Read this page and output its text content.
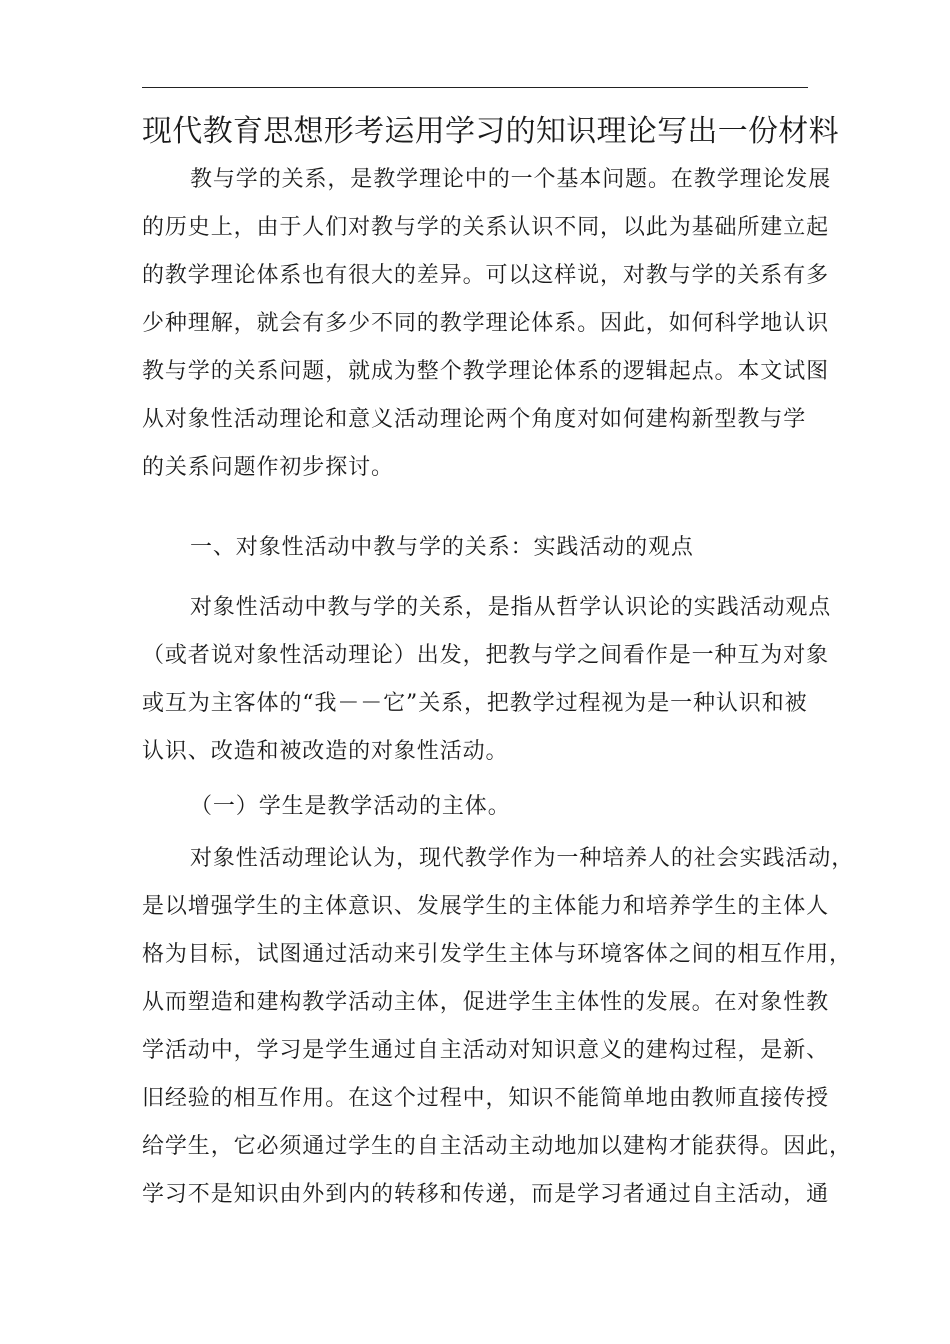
现代教育思想形考运用学习的知识理论写出一份材料
教与学的关系，是教学理论中的一个基本问题。在教学理论发展
的历史上，由于人们对教与学的关系认识不同，以此为基础所建立起
的教学理论体系也有很大的差异。可以这样说，对教与学的关系有多
少种理解，就会有多少不同的教学理论体系。因此，如何科学地认识
教与学的关系问题，就成为整个教学理论体系的逻辑起点。本文试图
从对象性活动理论和意义活动理论两个角度对如何建构新型教与学
的关系问题作初步探讨。
一、对象性活动中教与学的关系：实践活动的观点
对象性活动中教与学的关系，是指从哲学认识论的实践活动观点
（或者说对象性活动理论）出发，把教与学之间看作是一种互为对象
或互为主客体的“我－－它”关系，把教学过程视为是一种认识和被
认识、改造和被改造的对象性活动。
（一）学生是教学活动的主体。
对象性活动理论认为，现代教学作为一种培养人的社会实践活动，
是以增强学生的主体意识、发展学生的主体能力和培养学生的主体人
格为目标，试图通过活动来引发学生主体与环境客体之间的相互作用，
从而塑造和建构教学活动主体，促进学生主体性的发展。在对象性教
学活动中，学习是学生通过自主活动对知识意义的建构过程，是新、
旧经验的相互作用。在这个过程中，知识不能简单地由教师直接传授
给学生，它必须通过学生的自主活动主动地加以建构才能获得。因此，
学习不是知识由外到内的转移和传递，而是学习者通过自主活动，通
